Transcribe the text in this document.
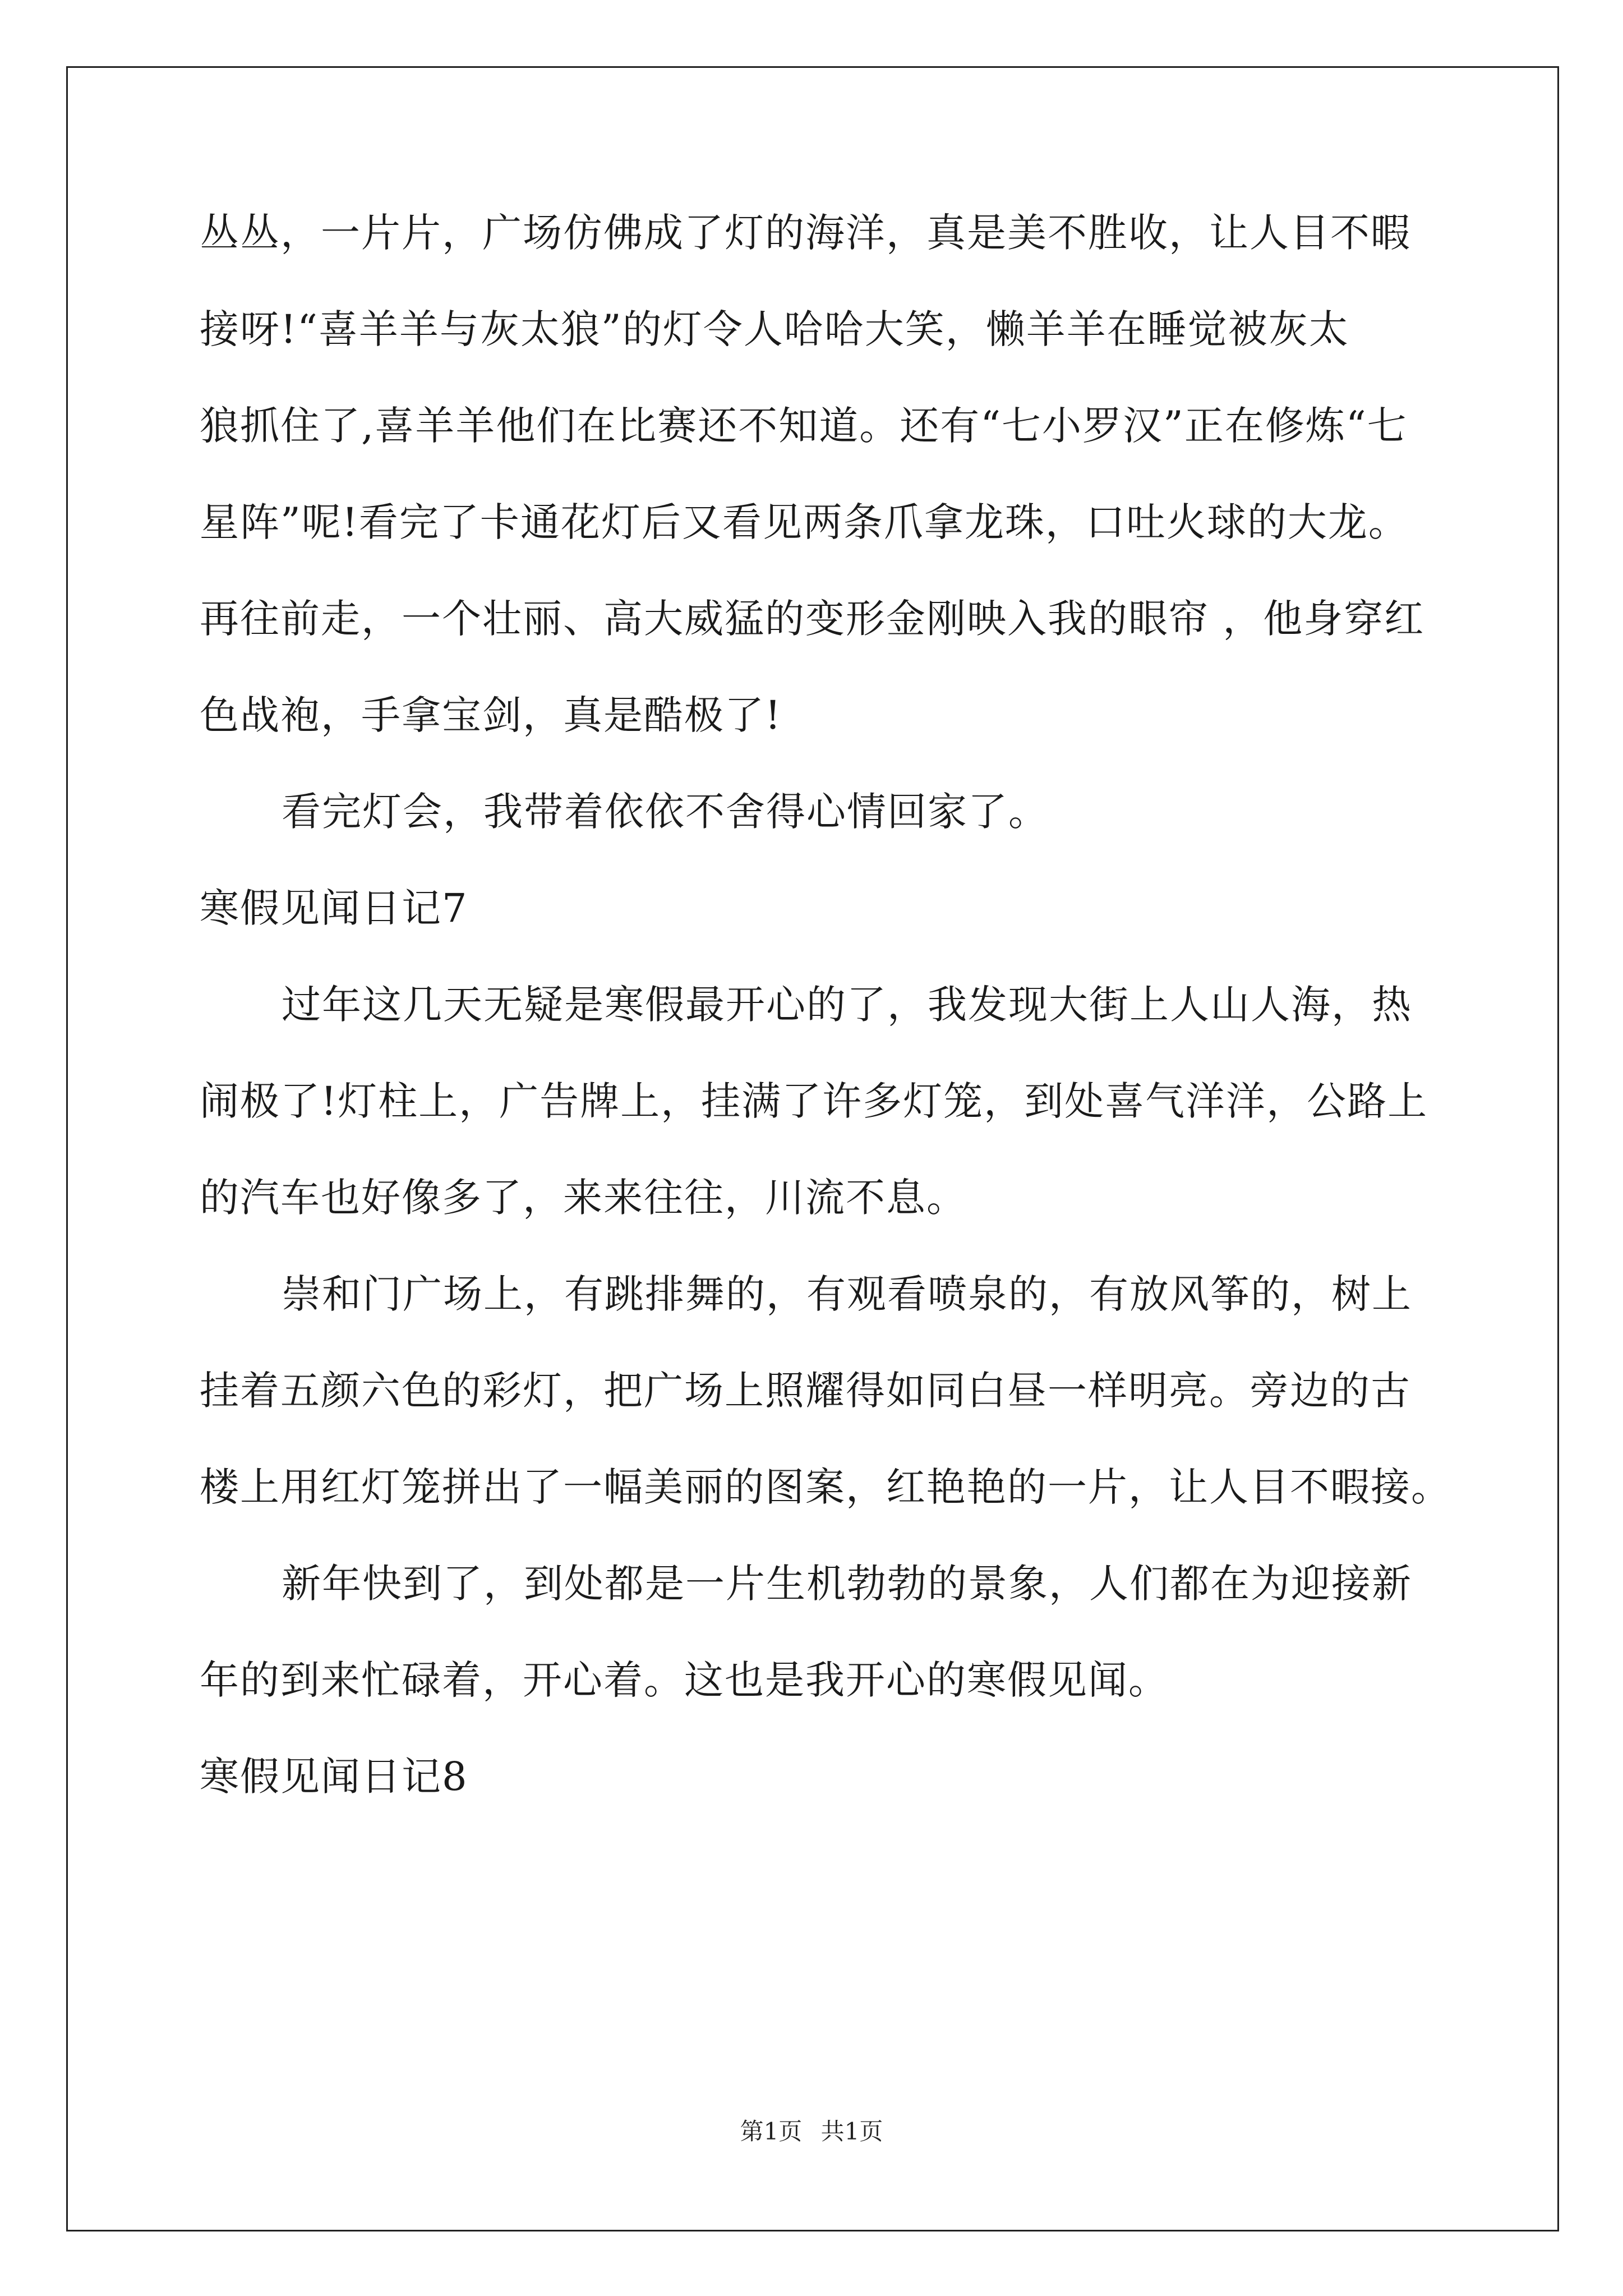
丛丛，一片片，广场仿佛成了灯的海洋，真是美不胜收，让人目不暇
接呀!“喜羊羊与灰太狼”的灯令人哈哈大笑，懒羊羊在睡觉被灰太
狼抓住了,喜羊羊他们在比赛还不知道。还有“七小罗汉”正在修炼“七
星阵”呢!看完了卡通花灯后又看见两条爪拿龙珠，口吐火球的大龙。
再往前走，一个壮丽、高大威猛的变形金刚映入我的眼帘 ，他身穿红
色战袍，手拿宝剑，真是酷极了!
看完灯会，我带着依依不舍得心情回家了。
寒假见闻日记7
过年这几天无疑是寒假最开心的了，我发现大街上人山人海，热
闹极了!灯柱上，广告牌上，挂满了许多灯笼，到处喜气洋洋，公路上
的汽车也好像多了，来来往往，川流不息。
崇和门广场上，有跳排舞的，有观看喷泉的，有放风筝的，树上
挂着五颜六色的彩灯，把广场上照耀得如同白昼一样明亮。旁边的古
楼上用红灯笼拼出了一幅美丽的图案，红艳艳的一片，让人目不暇接。
新年快到了，到处都是一片生机勃勃的景象，人们都在为迎接新
年的到来忙碌着，开心着。这也是我开心的寒假见闻。
寒假见闻日记8
第1页 共1页
